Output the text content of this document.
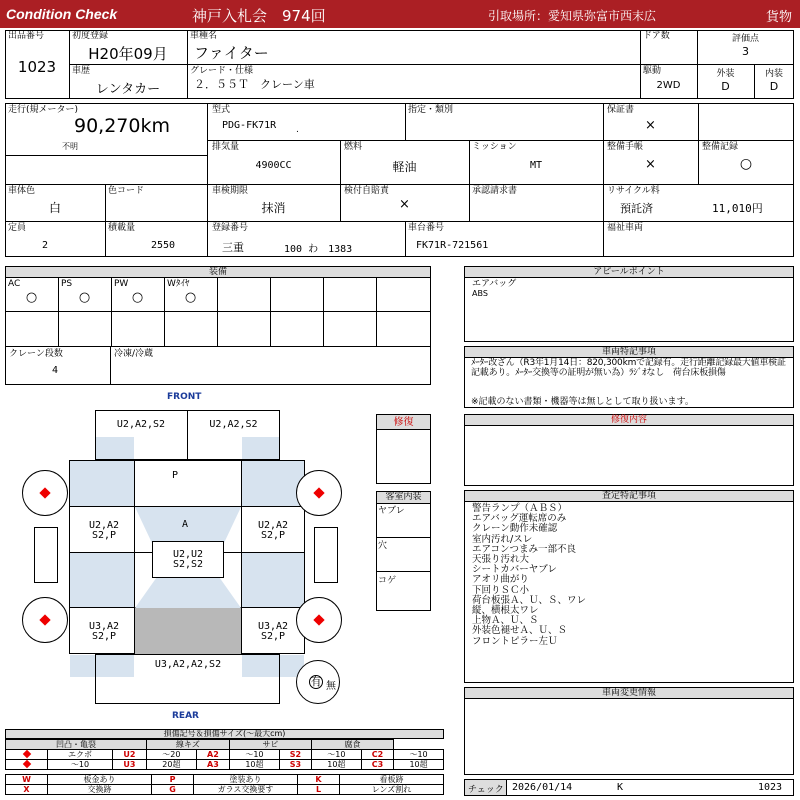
Condition Check	神戸入札会　974回	引取場所：愛知県弥富市西末広	貨物
出品番号
1023
初度登録
H20年09月
車種名
ファイター
ドア数	評価点
3
車歴
レンタカー
グレード・仕様
２．５５Ｔ　クレーン車
駆動
2WD
外装
D
内装
D
走行(規メーター)
90,270km
不明
型式
PDG-FK71R .
指定・類別	保証書
×
排気量
4900CC
燃料
軽油
ミッション
MT
整備手帳
×
整備記録
○
車体色
白
色コード	車検期限
抹消
検付自賠責
×
承認請求書	リサイクル料
預託済	11,010円
定員
2
積載量
2550
登録番号
三重	100 わ　1383
車台番号
FK71R-721561
福祉車両
装備
AC
○
PS
○
PW
○
Wﾀｲﾔ
○
クレーン段数
4
冷凍/冷蔵
アピールポイント
エアバッグ
ABS
車両特記事項
ﾒｰﾀｰ改ざん（R3年1月14日：820,300kmで記録有。走行距離記録最大値車検証記載あり。ﾒｰﾀｰ交換等の証明が無い為）ﾗｼﾞｵなし　荷台床板損傷
※記載のない書類・機器等は無しとして取り扱います。
修復	修復内容
客室内装
ヤブレ
穴
コゲ
査定特記事項
警告ランプ（ＡＢＳ）
エアバッグ運転席のみ
クレーン動作未確認
室内汚れ/スレ
エアコンつまみ一部不良
天張り汚れ大
シートカバーヤブレ
アオリ曲がり
下回りＳＣ小
荷台板張Ａ、Ｕ、Ｓ、ワレ
縦、横根太ワレ
上物Ａ、Ｕ、Ｓ
外装色褪せＡ、Ｕ、Ｓ
フロントピラー左Ｕ
車両変更情報
チェック 2026/01/14	K	1023
FRONT
REAR
有 無
U2,A2,S2	U2,A2,S2
P
A
U2,A2
S2,P
U2,A2
S2,P
U2,U2
S2,S2
U3,A2
S2,P
U3,A2
S2,P
U3,A2,A2,S2
損傷記号＆損傷サイズ(〜最大cm)
凹凸・亀裂			線キズ		サビ		腐食		
	エクボ	U2	〜20	A2	〜10	S2	〜10	C2	〜10
	〜10	U3	20超	A3	10超	S3	10超	C3	10超
W	板金あり	P	塗装あり	K	看板跡
X	交換跡	G	ガラス交換要す	L	レンズ割れ
